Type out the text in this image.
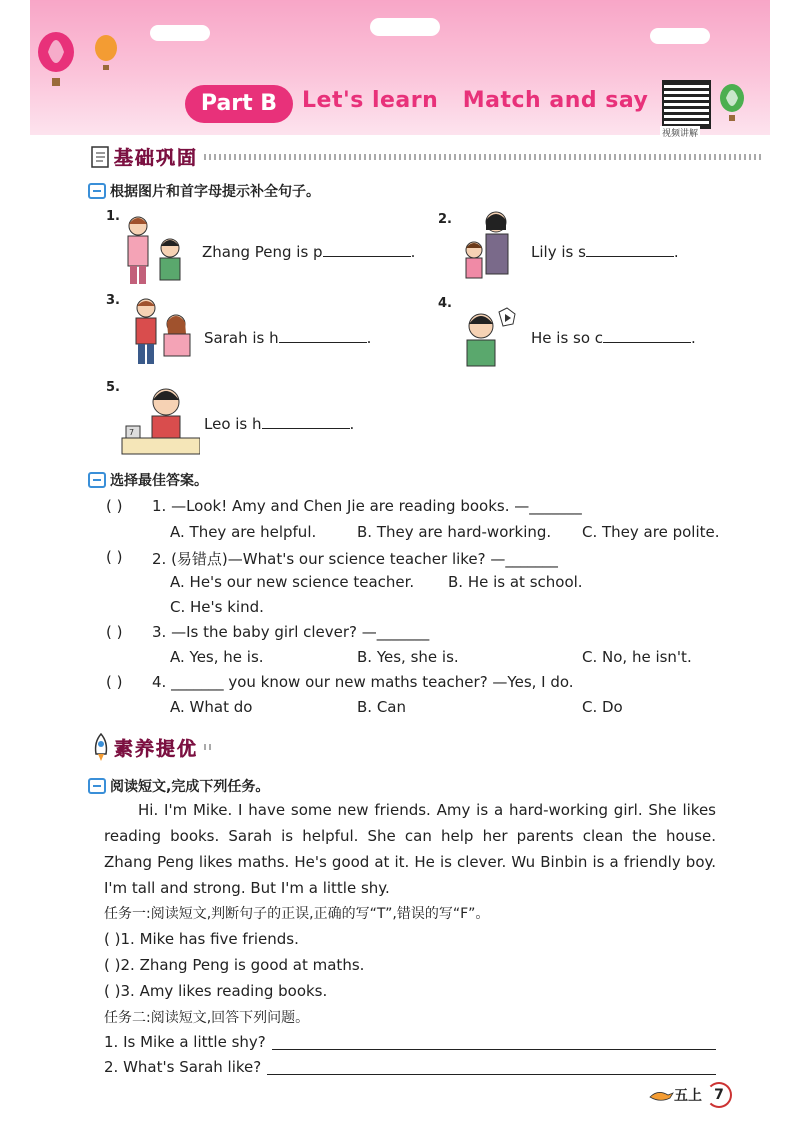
Part B	Let's learn   Match and say
视频讲解
基础巩固
根据图片和首字母提示补全句子。
1.
Zhang Peng is p	.
2.
Lily is s	.
3.
Sarah is h	.
4.
He is so c	.
5.
7	Leo is h	.
选择最佳答案。
( ) 1. —Look! Amy and Chen Jie are reading books. —_______
A. They are helpful.	B. They are hard-working. C. They are polite.
( ) 2. (易错点)—What's our science teacher like? —_______
A. He's our new science teacher. B. He is at school.
C. He's kind.
( ) 3. —Is the baby girl clever? —_______
A. Yes, he is.	B. Yes, she is.	C. No, he isn't.
( ) 4. _______ you know our new maths teacher? —Yes, I do.
A. What do	B. Can	C. Do
素养提优
阅读短文,完成下列任务。
Hi. I'm Mike. I have some new friends. Amy is a hard-working girl. She likes reading books. Sarah is helpful. She can help her parents clean the house. Zhang Peng likes maths. He's good at it. He is clever. Wu Binbin is a friendly boy. I'm tall and strong. But I'm a little shy.
任务一:阅读短文,判断句子的正误,正确的写“T”,错误的写“F”。
( )1. Mike has five friends.
( )2. Zhang Peng is good at maths.
( )3. Amy likes reading books.
任务二:阅读短文,回答下列问题。
1. Is Mike a little shy?
2. What's Sarah like?
五上 7
